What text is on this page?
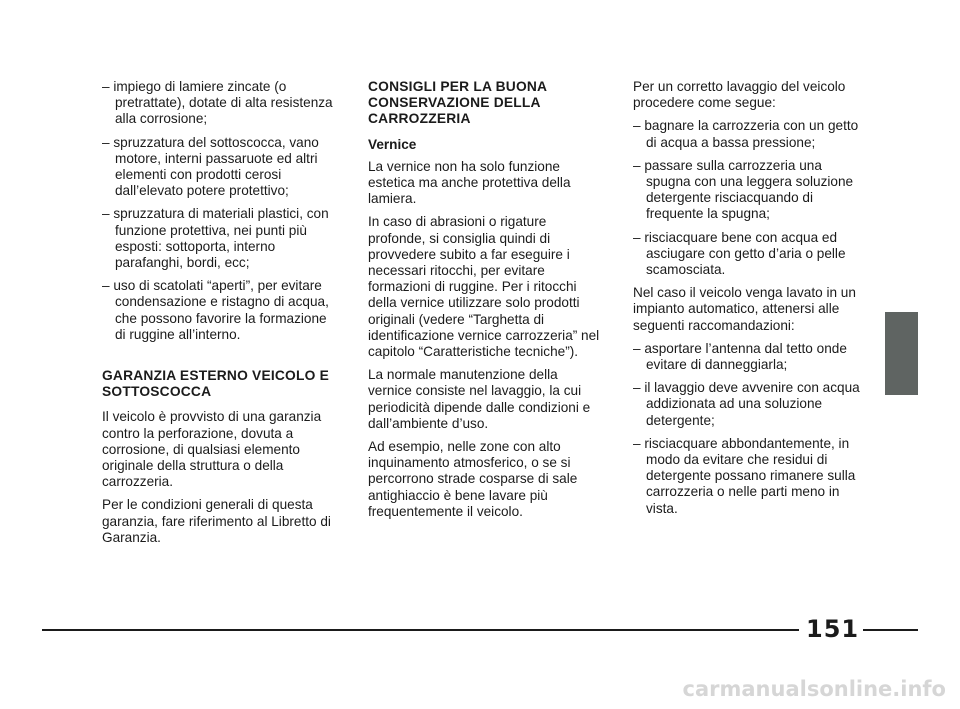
– impiego di lamiere zincate (o pretrattate), dotate di alta resistenza alla corrosione;
– spruzzatura del sottoscocca, vano motore, interni passaruote ed altri elementi con prodotti cerosi dall’elevato potere protettivo;
– spruzzatura di materiali plastici, con funzione protettiva, nei punti più esposti: sottoporta, interno parafanghi, bordi, ecc;
– uso di scatolati “aperti”, per evitare condensazione e ristagno di acqua, che possono favorire la formazione di ruggine all’interno.
GARANZIA ESTERNO VEICOLO E SOTTOSCOCCA
Il veicolo è provvisto di una garanzia contro la perforazione, dovuta a corrosione, di qualsiasi elemento originale della struttura o della carrozzeria.
Per le condizioni generali di questa garanzia, fare riferimento al Libretto di Garanzia.
CONSIGLI PER LA BUONA CONSERVAZIONE DELLA CARROZZERIA
Vernice
La vernice non ha solo funzione estetica ma anche protettiva della lamiera.
In caso di abrasioni o rigature profonde, si consiglia quindi di provvedere subito a far eseguire i necessari ritocchi, per evitare formazioni di ruggine. Per i ritocchi della vernice utilizzare solo prodotti originali (vedere “Targhetta di identificazione vernice carrozzeria” nel capitolo “Caratteristiche tecniche”).
La normale manutenzione della vernice consiste nel lavaggio, la cui periodicità dipende dalle condizioni e dall’ambiente d’uso.
Ad esempio, nelle zone con alto inquinamento atmosferico, o se si percorrono strade cosparse di sale antighiaccio è bene lavare più frequentemente il veicolo.
Per un corretto lavaggio del veicolo procedere come segue:
– bagnare la carrozzeria con un getto di acqua a bassa pressione;
– passare sulla carrozzeria una spugna con una leggera soluzione detergente risciacquando di frequente la spugna;
– risciacquare bene con acqua ed asciugare con getto d’aria o pelle scamosciata.
Nel caso il veicolo venga lavato in un impianto automatico, attenersi alle seguenti raccomandazioni:
– asportare l’antenna dal tetto onde evitare di danneggiarla;
– il lavaggio deve avvenire con acqua addizionata ad una soluzione detergente;
– risciacquare abbondantemente, in modo da evitare che residui di detergente possano rimanere sulla carrozzeria o nelle parti meno in vista.
151
carmanualsonline.info
